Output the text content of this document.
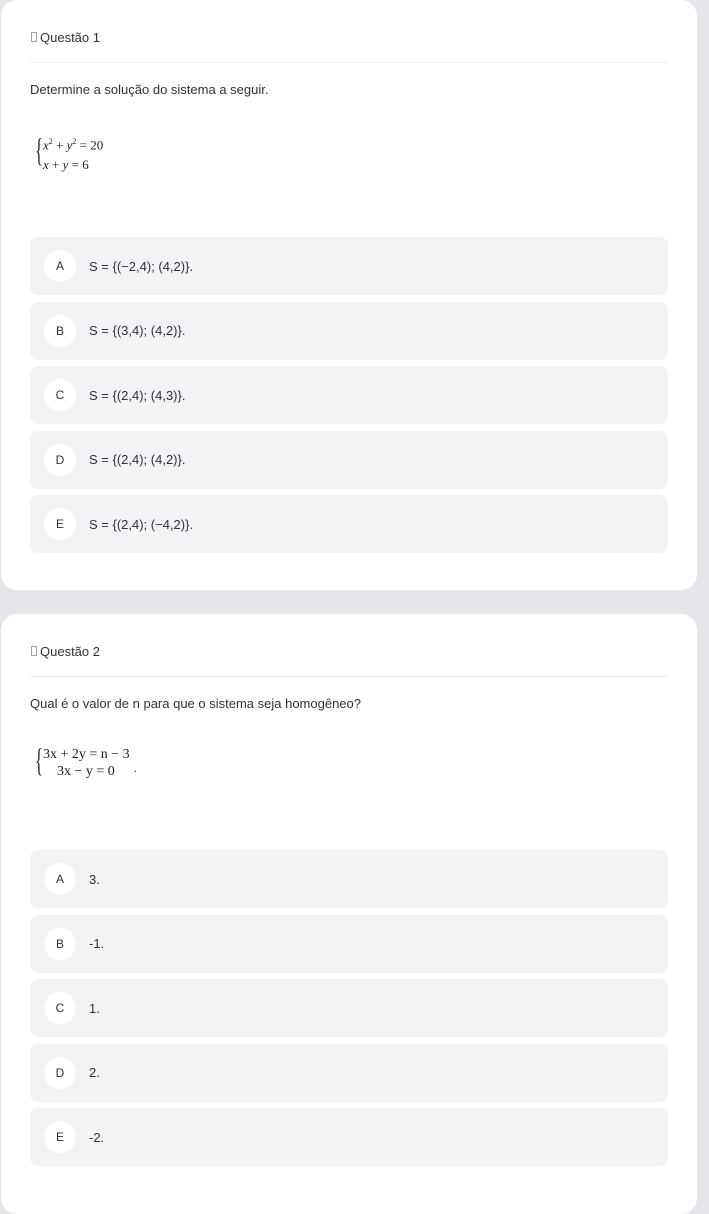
Questão 1
Determine a solução do sistema a seguir.
{ $x^2 + y^2 = 20$
x + y = 6
A	S = {(−2,4); (4,2)}.
B	S = {(3,4); (4,2)}.
C	S = {(2,4); (4,3)}.
D	S = {(2,4); (4,2)}.
E	S = {(2,4); (−4,2)}.
Questão 2
Qual é o valor de n para que o sistema seja homogêneo?
{ 3x + 2y = n − 3
3x − y = 0	.
A	3.
B	-1.
C	1.
D	2.
E	-2.
